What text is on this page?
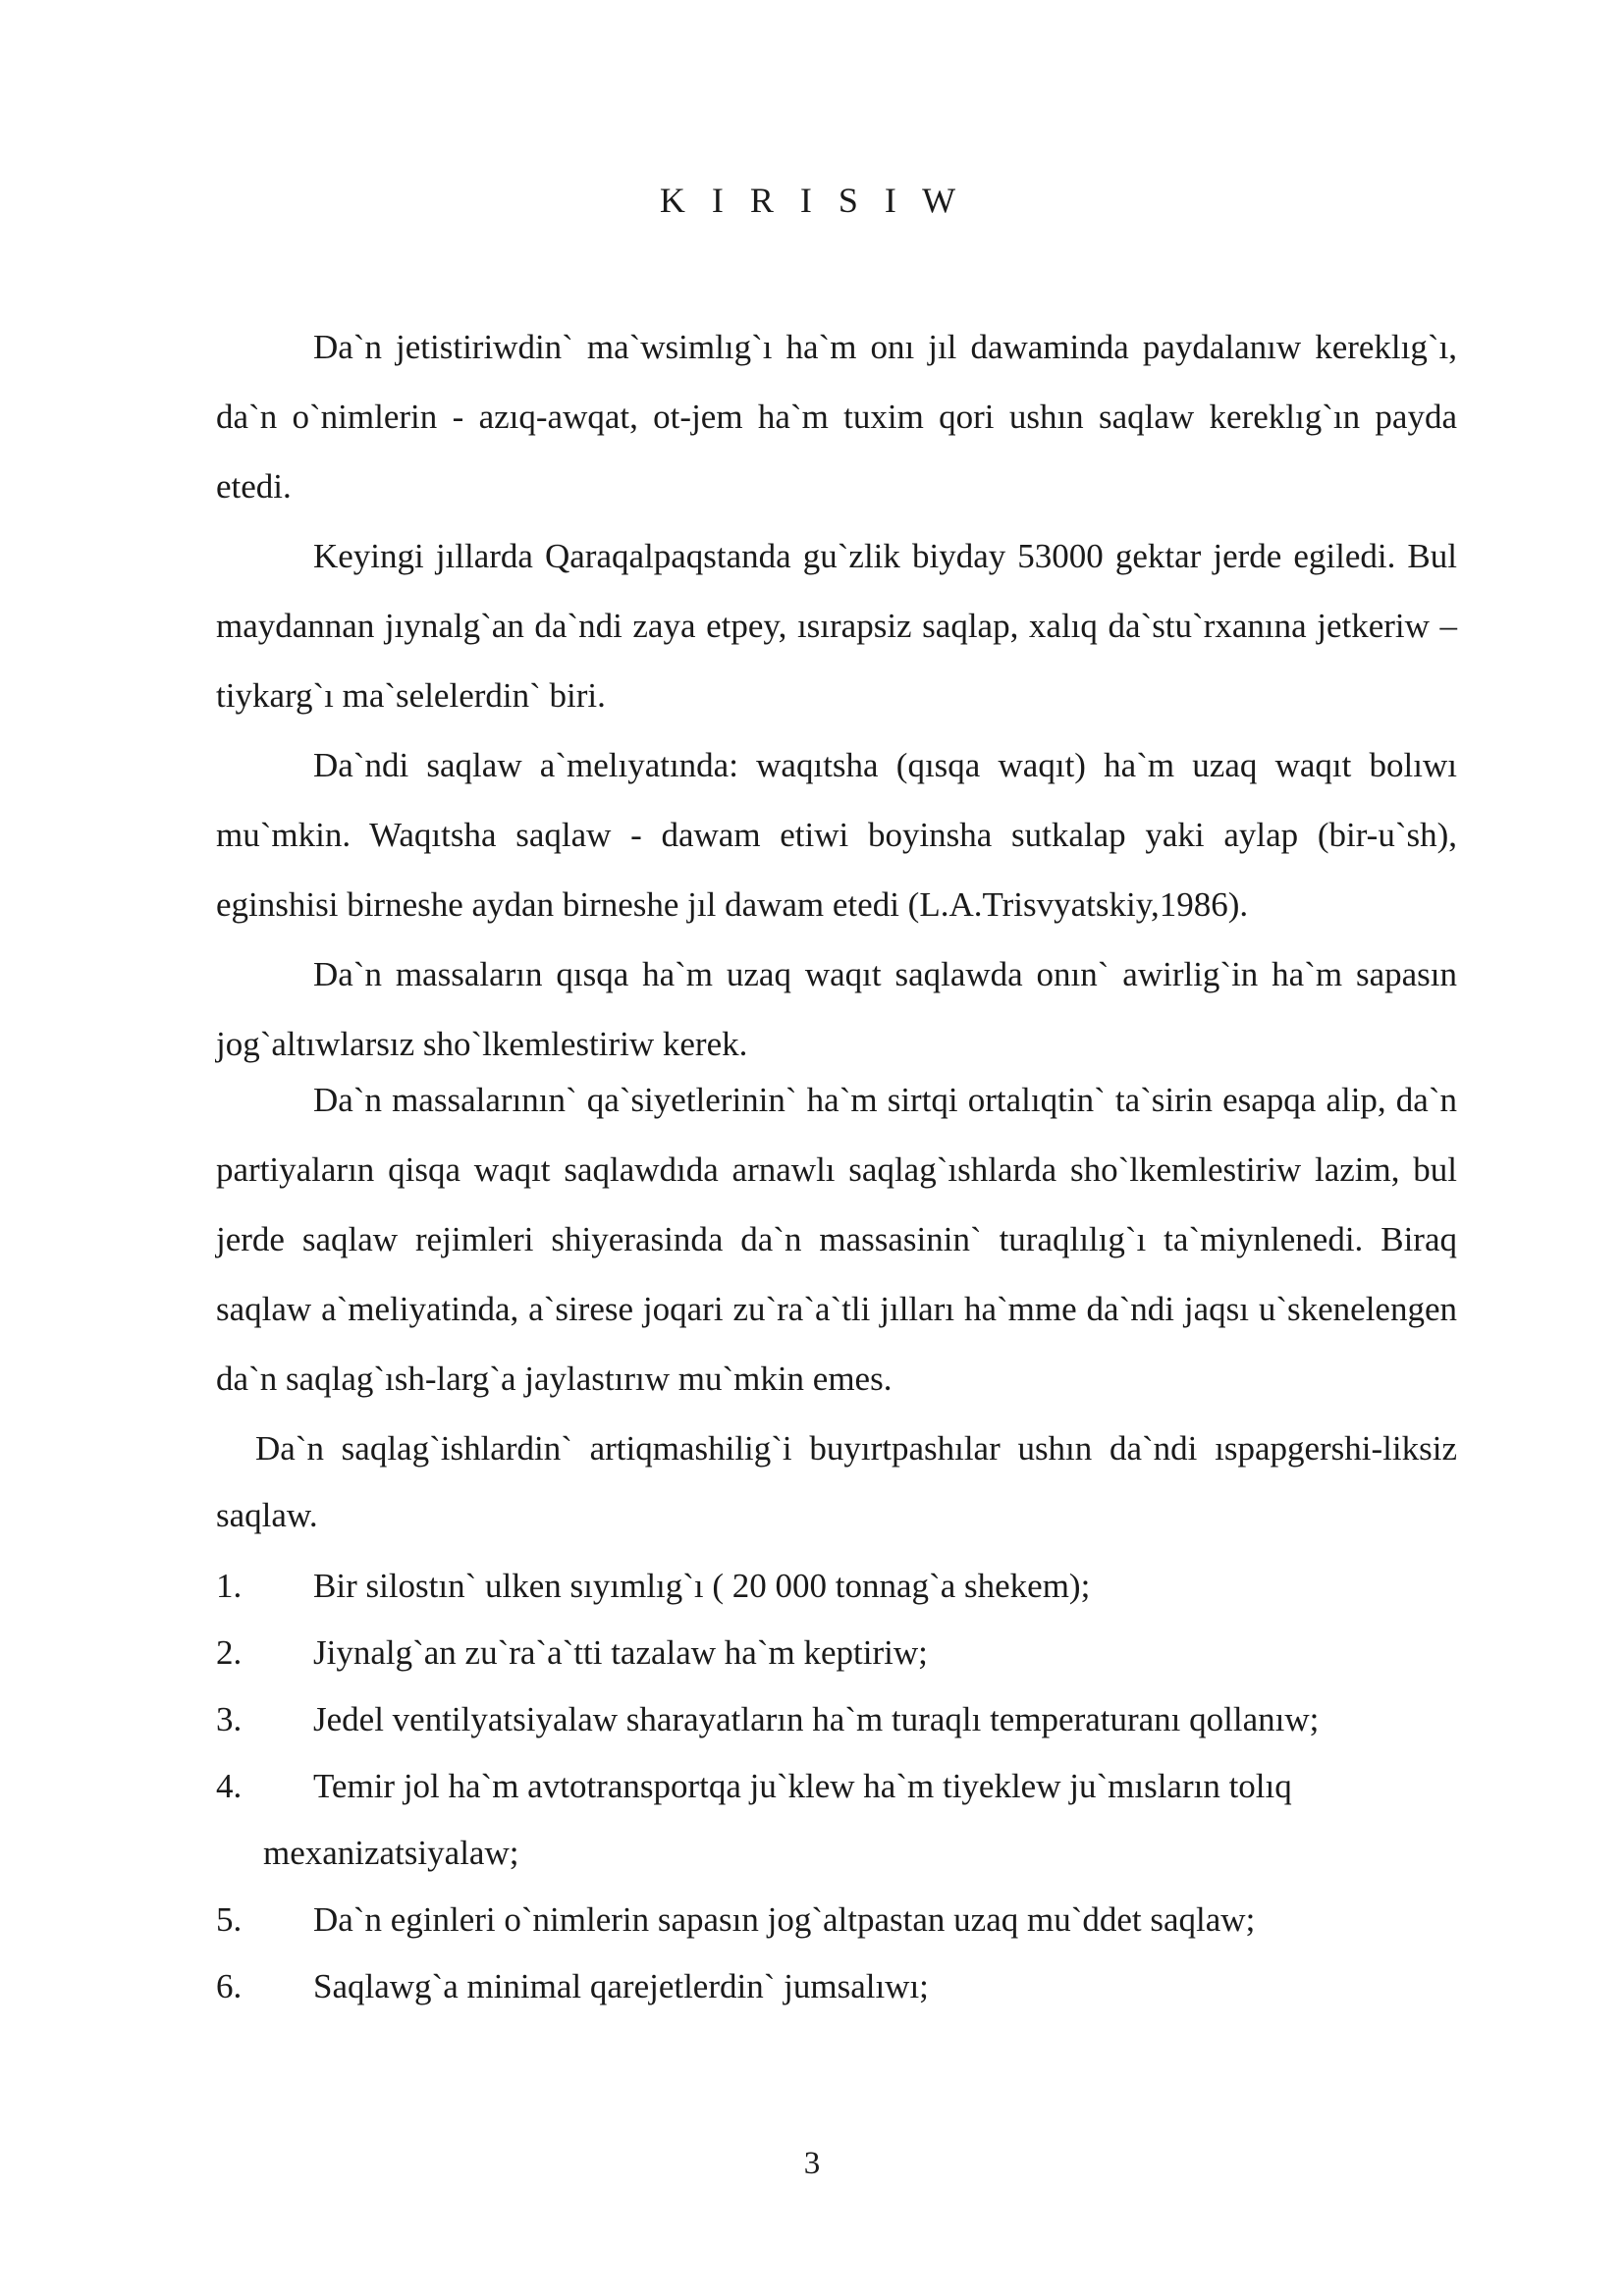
K I R I S I W

Da`n jetistiriwdin` ma`wsimlıg`ı ha`m onı jıl dawaminda paydalanıw kereklıg`ı, da`n o`nimlerin - azıq-awqat, ot-jem ha`m tuxim qori ushın saqlaw kereklıg`ın payda etedi.

Keyingi jıllarda Qaraqalpaqstanda gu`zlik biyday 53000 gektar jerde egiledi. Bul maydannan jıynalg`an da`ndi zaya etpey, ısırapsiz saqlap, xalıq da`stu`rxanına jetkeriw – tiykarg`ı ma`selelerdin` biri.

Da`ndi saqlaw a`melıyatında: waqıtsha (qısqa waqıt) ha`m uzaq waqıt bolıwı mu`mkin. Waqıtsha saqlaw - dawam etiwi boyinsha sutkalap yaki aylap (bir-u`sh), eginshisi birneshe aydan birneshe jıl dawam etedi (L.A.Trisvyatskiy,1986).

Da`n massaların qısqa ha`m uzaq waqıt saqlawda onın` awirlig`in ha`m sapasın jog`altıwlarsız sho`lkemlestiriw kerek.

Da`n massalarının` qa`siyetlerinin` ha`m sirtqi ortalıqtin` ta`sirin esapqa alip, da`n partiyaların qisqa waqıt saqlawdıda arnawlı saqlag`ıshlarda sho`lkemlestiriw lazim, bul jerde saqlaw rejimleri shiyerasinda da`n massasinin` turaqlılıg`ı ta`miynlenedi. Biraq saqlaw a`meliyatinda, a`sirese joqari zu`ra`a`tli jılları ha`mme da`ndi jaqsı u`skenelengen da`n saqlag`ısh-larg`a jaylastırıw mu`mkin emes.

Da`n saqlag`ishlardin` artiqmashilig`i buyırtpashılar ushın da`ndi ıspapgershi-liksiz saqlaw.

1. Bir silostın` ulken sıyımlıg`ı ( 20 000 tonnag`a shekem);
2. Jiynalg`an zu`ra`a`tti tazalaw ha`m keptiriw;
3. Jedel ventilyatsiyalaw sharayatların ha`m turaqlı temperaturanı qollanıw;
4. Temir jol ha`m avtotransportqa ju`klew ha`m tiyeklew ju`mısların tolıq
mexanizatsiyalaw;
5. Da`n eginleri o`nimlerin sapasın jog`altpastan uzaq mu`ddet saqlaw;
6. Saqlawg`a minimal qarejetlerdin` jumsalıwı;
3
